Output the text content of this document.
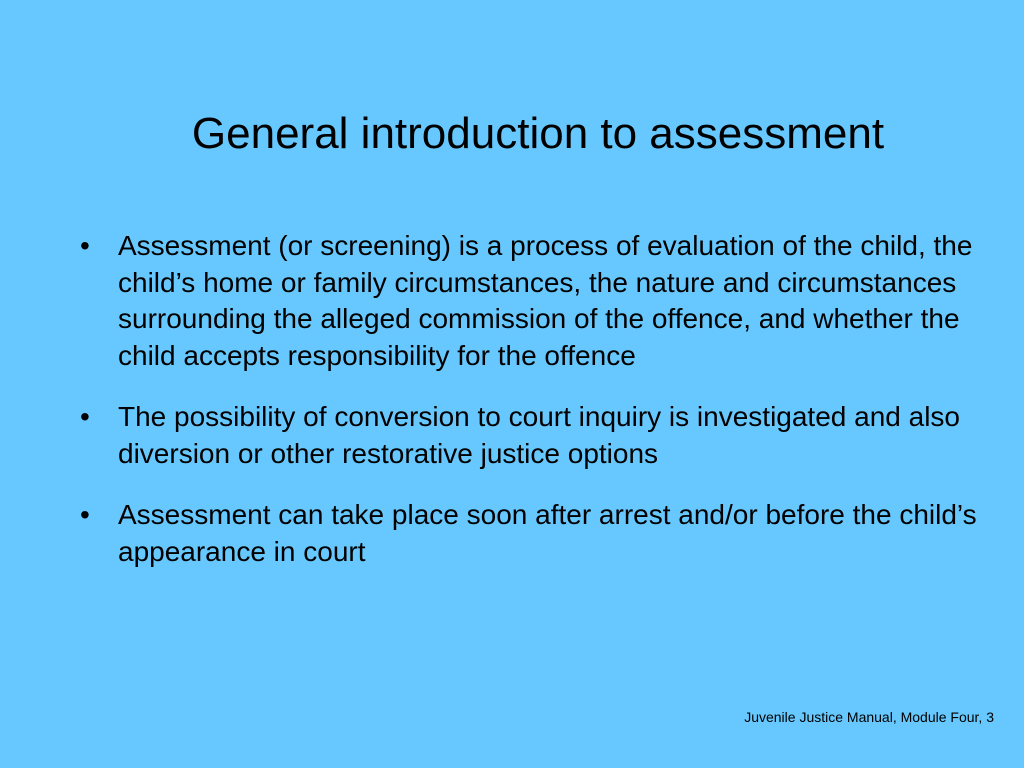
General introduction to assessment
•	Assessment (or screening) is a process of evaluation of the child, the child’s home or family circumstances, the nature and circumstances surrounding the alleged commission of the offence, and whether the child accepts responsibility for the offence
•	The possibility of conversion to court inquiry is investigated and also diversion or other restorative justice options
•	Assessment can take place soon after arrest and/or before the child’s appearance in court
Juvenile Justice Manual, Module Four, 3
